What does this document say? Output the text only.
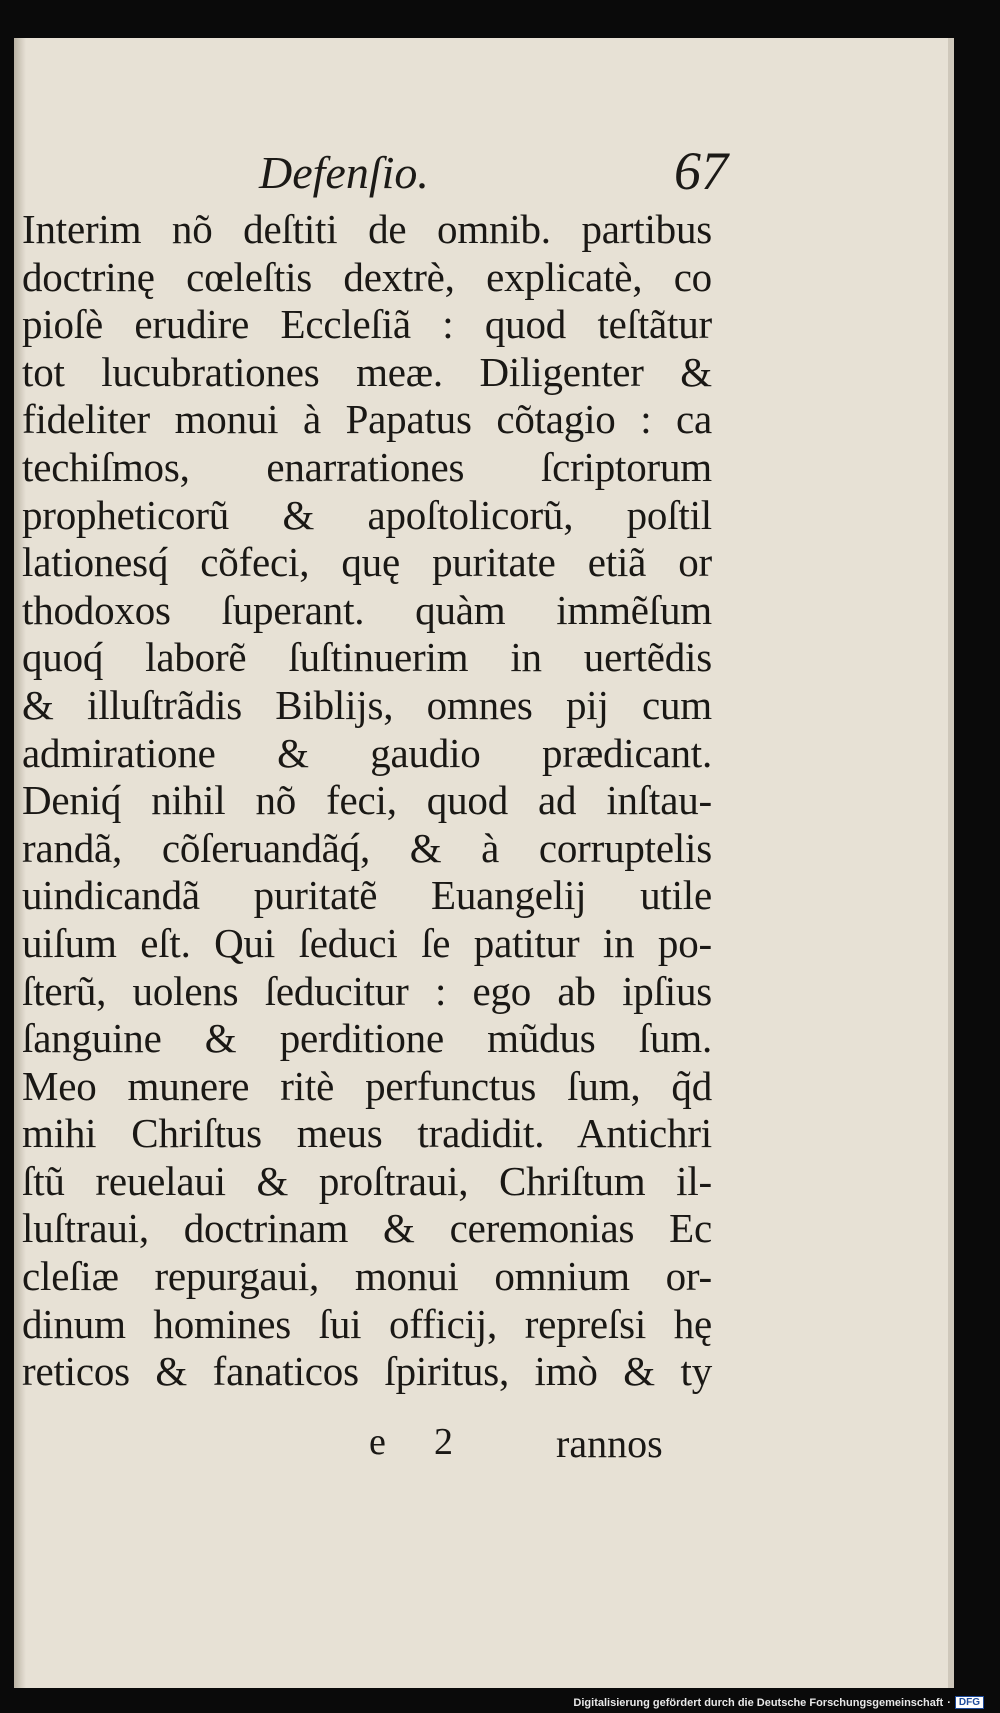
Defenſio.	67
Interim nõ deſtiti de omnib. partibus
doctrinę cœleſtis dextrè, explicatè, co
pioſè erudire Eccleſiã : quod teſtãtur
tot lucubrationes meæ. Diligenter &
fideliter monui à Papatus cõtagio : ca
techiſmos, enarrationes ſcriptorum
propheticorũ & apoſtolicorũ, poſtil
lationesq́ cõfeci, quę puritate etiã or
thodoxos ſuperant. quàm immẽſum
quoq́ laborẽ ſuſtinuerim in uertẽdis
& illuſtrãdis Biblijs, omnes pij cum
admiratione & gaudio prædicant.
Deniq́ nihil nõ feci, quod ad inſtau-
randã, cõſeruandãq́, & à corruptelis
uindicandã puritatẽ Euangelij utile
uiſum eſt. Qui ſeduci ſe patitur in po-
ſterũ, uolens ſeducitur : ego ab ipſius
ſanguine & perditione mũdus ſum.
Meo munere ritè perfunctus ſum, q̃d
mihi Chriſtus meus tradidit. Antichri
ſtũ reuelaui & proſtraui, Chriſtum il-
luſtraui, doctrinam & ceremonias Ec
cleſiæ repurgaui, monui omnium or-
dinum homines ſui officij, repreſsi hę
reticos & fanaticos ſpiritus, imò & ty
e 2	rannos
Digitalisierung gefördert durch die Deutsche Forschungsgemeinschaft · DFG
